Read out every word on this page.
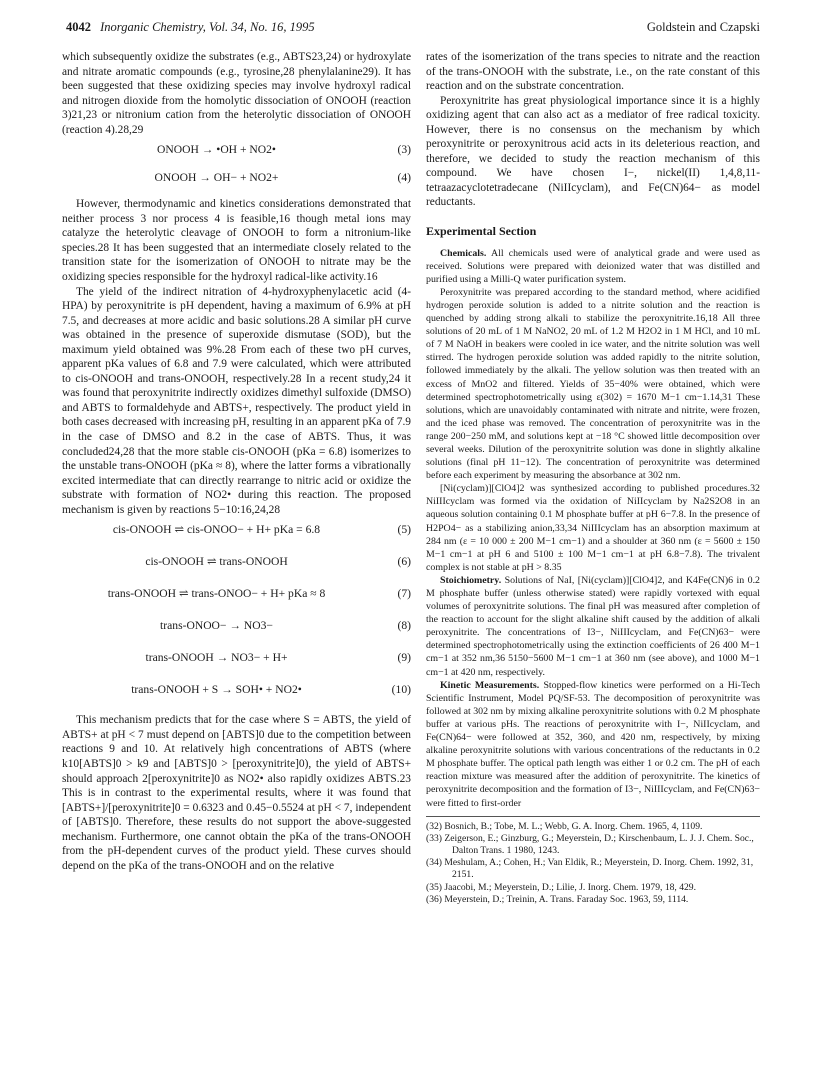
4042 Inorganic Chemistry, Vol. 34, No. 16, 1995	Goldstein and Czapski

which subsequently oxidize the substrates (e.g., ABTS23,24) or hydroxylate and nitrate aromatic compounds (e.g., tyrosine,28 phenylalanine29). It has been suggested that these oxidizing species may involve hydroxyl radical and nitrogen dioxide from the homolytic dissociation of ONOOH (reaction 3)21,23 or nitronium cation from the heterolytic dissociation of ONOOH (reaction 4).28,29

ONOOH → •OH + NO2•	(3)
ONOOH → OH− + NO2+	(4)

However, thermodynamic and kinetics considerations demonstrated that neither process 3 nor process 4 is feasible,16 though metal ions may catalyze the heterolytic cleavage of ONOOH to form a nitronium-like species.28 It has been suggested that an intermediate closely related to the transition state for the isomerization of ONOOH to nitrate may be the oxidizing species responsible for the hydroxyl radical-like activity.16

The yield of the indirect nitration of 4-hydroxyphenylacetic acid (4-HPA) by peroxynitrite is pH dependent, having a maximum of 6.9% at pH 7.5, and decreases at more acidic and basic solutions.28 A similar pH curve was obtained in the presence of superoxide dismutase (SOD), but the maximum yield obtained was 9%.28 From each of these two pH curves, apparent pKa values of 6.8 and 7.9 were calculated, which were attributed to cis-ONOOH and trans-ONOOH, respectively.28 In a recent study,24 it was found that peroxynitrite indirectly oxidizes dimethyl sulfoxide (DMSO) and ABTS to formaldehyde and ABTS+, respectively. The product yield in both cases decreased with increasing pH, resulting in an apparent pKa of 7.9 in the case of DMSO and 8.2 in the case of ABTS. Thus, it was concluded24,28 that the more stable cis-ONOOH (pKa = 6.8) isomerizes to the unstable trans-ONOOH (pKa ≈ 8), where the latter forms a vibrationally excited intermediate that can directly rearrange to nitric acid or oxidize the substrate with formation of NO2• during this reaction. The proposed mechanism is given by reactions 5−10:16,24,28

cis-ONOOH ⇌ cis-ONOO− + H+ pKa = 6.8	(5)
cis-ONOOH ⇌ trans-ONOOH	(6)
trans-ONOOH ⇌ trans-ONOO− + H+ pKa ≈ 8	(7)
trans-ONOO− → NO3−	(8)
trans-ONOOH → NO3− + H+	(9)
trans-ONOOH + S → SOH• + NO2•	(10)

This mechanism predicts that for the case where S = ABTS, the yield of ABTS+ at pH < 7 must depend on [ABTS]0 due to the competition between reactions 9 and 10. At relatively high concentrations of ABTS (where k10[ABTS]0 > k9 and [ABTS]0 > [peroxynitrite]0), the yield of ABTS+ should approach 2[peroxynitrite]0 as NO2• also rapidly oxidizes ABTS.23 This is in contrast to the experimental results, where it was found that [ABTS+]/[peroxynitrite]0 = 0.6323 and 0.45−0.5524 at pH < 7, independent of [ABTS]0. Therefore, these results do not support the above-suggested mechanism. Furthermore, one cannot obtain the pKa of the trans-ONOOH from the pH-dependent curves of the product yield. These curves should depend on the pKa of the trans-ONOOH and on the relative

rates of the isomerization of the trans species to nitrate and the reaction of the trans-ONOOH with the substrate, i.e., on the rate constant of this reaction and on the substrate concentration.

Peroxynitrite has great physiological importance since it is a highly oxidizing agent that can also act as a mediator of free radical toxicity. However, there is no consensus on the mechanism by which peroxynitrite or peroxynitrous acid acts in its deleterious reaction, and therefore, we decided to study the reaction mechanism of this compound. We have chosen I−, nickel(II) 1,4,8,11-tetraazacyclotetradecane (NiIIcyclam), and Fe(CN)64− as model reductants.

Experimental Section

Chemicals. All chemicals used were of analytical grade and were used as received. Solutions were prepared with deionized water that was distilled and purified using a Milli-Q water purification system.

Peroxynitrite was prepared according to the standard method, where acidified hydrogen peroxide solution is added to a nitrite solution and the reaction is quenched by adding strong alkali to stabilize the peroxynitrite.16,18 All three solutions of 20 mL of 1 M NaNO2, 20 mL of 1.2 M H2O2 in 1 M HCl, and 10 mL of 7 M NaOH in beakers were cooled in ice water, and the nitrite solution was well stirred. The hydrogen peroxide solution was added rapidly to the nitrite solution, followed immediately by the alkali. The yellow solution was then treated with an excess of MnO2 and filtered. Yields of 35−40% were obtained, which were determined spectrophotometrically using ε(302) = 1670 M−1 cm−1.14,31 These solutions, which are unavoidably contaminated with nitrate and nitrite, were frozen, and the iced phase was removed. The concentration of peroxynitrite was in the range 200−250 mM, and solutions kept at −18 °C showed little decomposition over several weeks. Dilution of the peroxynitrite solution was done in slightly alkaline solutions (final pH 11−12). The concentration of peroxynitrite was determined before each experiment by measuring the absorbance at 302 nm.

[Ni(cyclam)][ClO4]2 was synthesized according to published procedures.32 NiIIIcyclam was formed via the oxidation of NiIIcyclam by Na2S2O8 in an aqueous solution containing 0.1 M phosphate buffer at pH 6−7.8. In the presence of H2PO4− as a stabilizing anion,33,34 NiIIIcyclam has an absorption maximum at 284 nm (ε = 10 000 ± 200 M−1 cm−1) and a shoulder at 360 nm (ε = 5600 ± 150 M−1 cm−1 at pH 6 and 5100 ± 100 M−1 cm−1 at pH 6.8−7.8). The trivalent complex is not stable at pH > 8.35

Stoichiometry. Solutions of NaI, [Ni(cyclam)][ClO4]2, and K4Fe(CN)6 in 0.2 M phosphate buffer (unless otherwise stated) were rapidly vortexed with equal volumes of peroxynitrite solutions. The final pH was measured after completion of the reaction to account for the slight alkaline shift caused by the addition of alkali peroxynitrite. The concentrations of I3−, NiIIIcyclam, and Fe(CN)63− were determined spectrophotometrically using the extinction coefficients of 26 400 M−1 cm−1 at 352 nm,36 5150−5600 M−1 cm−1 at 360 nm (see above), and 1000 M−1 cm−1 at 420 nm, respectively.

Kinetic Measurements. Stopped-flow kinetics were performed on a Hi-Tech Scientific Instrument, Model PQ/SF-53. The decomposition of peroxynitrite was followed at 302 nm by mixing alkaline peroxynitrite solutions with 0.2 M phosphate buffer at various pHs. The reactions of peroxynitrite with I−, NiIIcyclam, and Fe(CN)64− were followed at 352, 360, and 420 nm, respectively, by mixing alkaline peroxynitrite solutions with various concentrations of the reductants in 0.2 M phosphate buffer. The optical path length was either 1 or 0.2 cm. The pH of each reaction mixture was measured after the addition of peroxynitrite. The kinetics of peroxynitrite decomposition and the formation of I3−, NiIIIcyclam, and Fe(CN)63− were fitted to first-order

(32) Bosnich, B.; Tobe, M. L.; Webb, G. A. Inorg. Chem. 1965, 4, 1109.

(33) Zeigerson, E.; Ginzburg, G.; Meyerstein, D.; Kirschenbaum, L. J. J. Chem. Soc., Dalton Trans. 1 1980, 1243.

(34) Meshulam, A.; Cohen, H.; Van Eldik, R.; Meyerstein, D. Inorg. Chem. 1992, 31, 2151.

(35) Jaacobi, M.; Meyerstein, D.; Lilie, J. Inorg. Chem. 1979, 18, 429.

(36) Meyerstein, D.; Treinin, A. Trans. Faraday Soc. 1963, 59, 1114.
